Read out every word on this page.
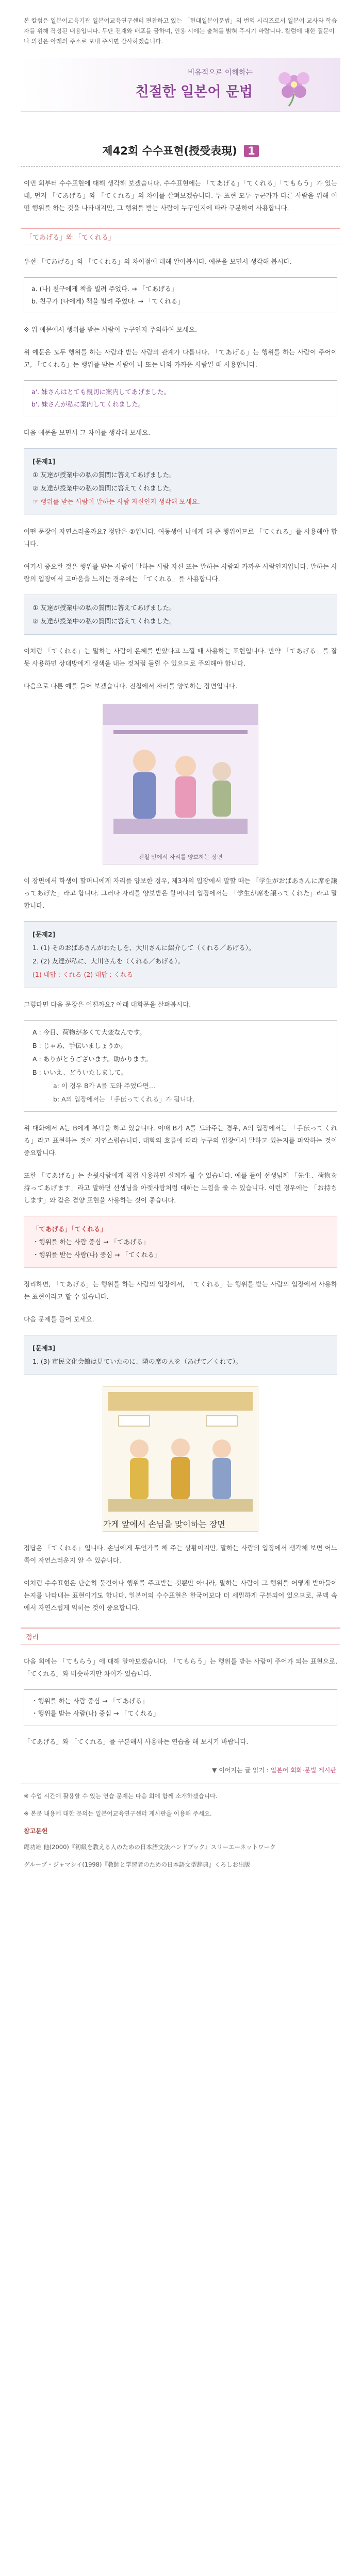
본 칼럼은 일본어교육기관 일본어교육연구센터 편찬하고 있는 「현대일본어문법」의 번역 시리즈로서 일본어 교사와 학습자를 위해 작성된 내용입니다. 무단 전재와 배포를 금하며, 인용 시에는 출처를 밝혀 주시기 바랍니다. 칼럼에 대한 질문이나 의견은 아래의 주소로 보내 주시면 감사하겠습니다.
비유적으로 이해하는
친절한 일본어 문법
제42회 수수표현(授受表現) 1

이번 회부터 수수표현에 대해 생각해 보겠습니다. 수수표현에는 「てあげる」「てくれる」「てもらう」가 있는데, 먼저 「てあげる」와 「てくれる」의 차이를 살펴보겠습니다. 두 표현 모두 누군가가 다른 사람을 위해 어떤 행위를 하는 것을 나타내지만, 그 행위를 받는 사람이 누구인지에 따라 구분하여 사용합니다.

「てあげる」와 「てくれる」

우선 「てあげる」와 「てくれる」의 차이점에 대해 알아봅시다. 예문을 보면서 생각해 봅시다.

a. (나) 친구에게 책을 빌려 주었다. → 「てあげる」
b. 친구가 (나에게) 책을 빌려 주었다. → 「てくれる」
※ 위 예문에서 행위를 받는 사람이 누구인지 주의하여 보세요.

위 예문은 모두 행위를 하는 사람과 받는 사람의 관계가 다릅니다. 「てあげる」는 행위를 하는 사람이 주어이고, 「てくれる」는 행위를 받는 사람이 나 또는 나와 가까운 사람일 때 사용합니다.

a'. 妹さんはとても親切に案内してあげました。
b'. 妹さんが私に案内してくれました。

다음 예문을 보면서 그 차이를 생각해 보세요.

[문제1]
① 友達が授業中の私の質問に答えてあげました。
② 友達が授業中の私の質問に答えてくれました。
☞ 행위를 받는 사람이 말하는 사람 자신인지 생각해 보세요.

어떤 문장이 자연스러울까요? 정답은 ②입니다. 여동생이 나에게 해 준 행위이므로 「てくれる」를 사용해야 합니다.

여기서 중요한 것은 행위를 받는 사람이 말하는 사람 자신 또는 말하는 사람과 가까운 사람인지입니다. 말하는 사람의 입장에서 고마움을 느끼는 경우에는 「てくれる」를 사용합니다.

① 友達が授業中の私の質問に答えてあげました。
② 友達が授業中の私の質問に答えてくれました。

이처럼 「てくれる」는 말하는 사람이 은혜를 받았다고 느낄 때 사용하는 표현입니다. 만약 「てあげる」를 잘못 사용하면 상대방에게 생색을 내는 것처럼 들릴 수 있으므로 주의해야 합니다.

다음으로 다른 예를 들어 보겠습니다. 전철에서 자리를 양보하는 장면입니다.

전철 안에서 자리를 양보하는 장면

이 장면에서 학생이 할머니에게 자리를 양보한 경우, 제3자의 입장에서 말할 때는 「学生がおばあさんに席を譲ってあげた」라고 합니다. 그러나 자리를 양보받은 할머니의 입장에서는 「学生が席を譲ってくれた」라고 말합니다.

[문제2]
1. (1) そのおばあさんがわたしを、大川さんに紹介して（くれる／あげる）。
2. (2) 友達が私に、大川さんを（くれる／あげる）。
(1) 대답 : くれる (2) 대답 : くれる

그렇다면 다음 문장은 어떨까요? 아래 대화문을 살펴봅시다.

A : 今日、荷物が多くて大変なんです。
B : じゃあ、手伝いましょうか。
A : ありがとうございます。助かります。
B : いいえ、どういたしまして。
a: 이 경우 B가 A를 도와 주었다면…
b: A의 입장에서는 「手伝ってくれる」가 됩니다.

위 대화에서 A는 B에게 부탁을 하고 있습니다. 이때 B가 A를 도와주는 경우, A의 입장에서는 「手伝ってくれる」라고 표현하는 것이 자연스럽습니다. 대화의 흐름에 따라 누구의 입장에서 말하고 있는지를 파악하는 것이 중요합니다.

또한 「てあげる」는 손윗사람에게 직접 사용하면 실례가 될 수 있습니다. 예를 들어 선생님께 「先生、荷物を持ってあげます」라고 말하면 선생님을 아랫사람처럼 대하는 느낌을 줄 수 있습니다. 이런 경우에는 「お持ちします」와 같은 겸양 표현을 사용하는 것이 좋습니다.

「てあげる」「てくれる」
・행위를 하는 사람 중심 → 「てあげる」
・행위를 받는 사람(나) 중심 → 「てくれる」

정리하면, 「てあげる」는 행위를 하는 사람의 입장에서, 「てくれる」는 행위를 받는 사람의 입장에서 사용하는 표현이라고 할 수 있습니다.

다음 문제를 풀어 보세요.

[문제3]
1. (3) 市民文化会館は見ていたのに、隣の席の人を（あげて／くれて）。
가게 앞에서 손님을 맞이하는 장면

정답은 「てくれる」입니다. 손님에게 무언가를 해 주는 상황이지만, 말하는 사람의 입장에서 생각해 보면 어느 쪽이 자연스러운지 알 수 있습니다.

이처럼 수수표현은 단순히 물건이나 행위를 주고받는 것뿐만 아니라, 말하는 사람이 그 행위를 어떻게 받아들이는지를 나타내는 표현이기도 합니다. 일본어의 수수표현은 한국어보다 더 세밀하게 구분되어 있으므로, 문맥 속에서 자연스럽게 익히는 것이 중요합니다.

정리

다음 회에는 「てもらう」에 대해 알아보겠습니다. 「てもらう」는 행위를 받는 사람이 주어가 되는 표현으로, 「てくれる」와 비슷하지만 차이가 있습니다.

・행위를 하는 사람 중심 → 「てあげる」
・행위를 받는 사람(나) 중심 → 「てくれる」

「てあげる」와 「てくれる」를 구분해서 사용하는 연습을 해 보시기 바랍니다.

▼ 이어지는 글 읽기 : 일본어 회화·문법 게시판
※ 수업 시간에 활용할 수 있는 연습 문제는 다음 회에 함께 소개하겠습니다.
※ 본문 내용에 대한 문의는 일본어교육연구센터 게시판을 이용해 주세요.
참고문헌
庵功雄 他(2000)『初級を教える人のための日本語文法ハンドブック』スリーエーネットワーク
グループ・ジャマシイ(1998)『教師と学習者のための日本語文型辞典』くろしお出版
